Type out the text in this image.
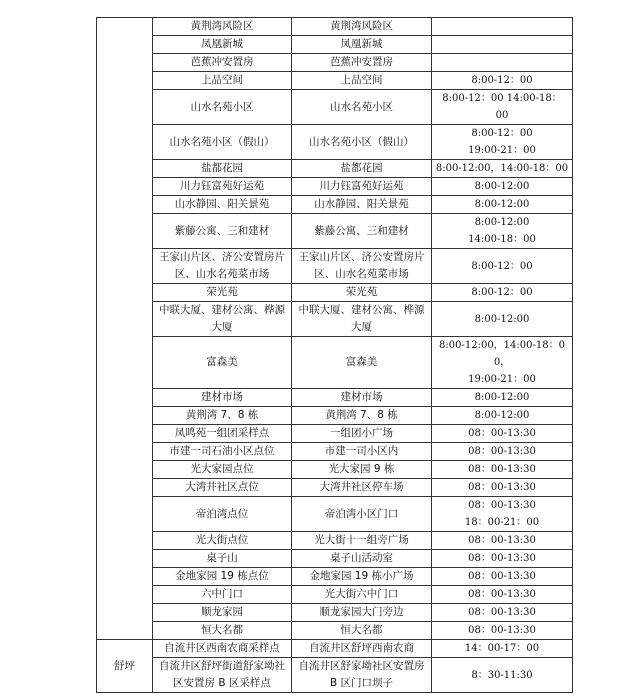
	黄荆湾风险区	黄荆湾风险区	
	凤凰新城	凤凰新城	
	芭蕉冲安置房	芭蕉冲安置房	
	上品空间	上品空间	8:00-12：00

	山水名苑小区	山水名苑小区	8:00-12：00 14:00-18：
00

	山水名苑小区（假山）	山水名苑小区（假山）	8:00-12：00
19:00-21：00

	盐都花园	盐都花园	8:00-12:00，14:00-18：00

	川力钰富苑好运苑	川力钰富苑好运苑	8:00-12:00

	山水静园、阳关景苑	山水静园、阳关景苑	8:00-12:00

	紫藤公寓、三和建材	紫藤公寓、三和建材	8:00-12:00
14:00-18：00

	王家山片区、济公安置房片区、山水名苑菜市场	王家山片区、济公安置房片区、山水名苑菜市场	8:00-12：00

	荣光苑	荣光苑	8:00-12：00

	中联大厦、建材公寓、桦源大厦	中联大厦、建材公寓、桦源大厦	8:00-12:00

	富森美	富森美	8:00-12:00，14:00-18：00，
19:00-21：00

	建材市场	建材市场	8:00-12:00

	黄荆湾 7、8 栋	黄荆湾 7、8 栋	8:00-12:00

	凤鸣苑一组团采样点	一组团小广场	08：00-13:30

	市建一司石油小区点位	市建一司小区内	08：00-13:30

	光大家园点位	光大家园 9 栋	08：00-13:30

	大湾井社区点位	大湾井社区停车场	08：00-13:30

	帝泊湾点位	帝泊湾小区门口	08：00-13:30
18：00-21：00

	光大街点位	光大街十一组旁广场	08：00-13:30

	桌子山	桌子山活动室	08：00-13:30

	金地家园 19 栋点位	金地家园 19 栋小广场	08：00-13:30

	六中门口	光大街六中门口	08：00-13:30

	顺龙家园	顺龙家园大门旁边	08：00-13:30

	恒大名都	恒大名都	08：00-13:30

舒坪	自流井区西南农商采样点	自流井区舒坪西南农商	14：00-17：00

	自流井区舒坪街道舒家坳社区安置房 B 区采样点	自流井区舒家坳社区安置房 B 区门口坝子	8：30-11:30
